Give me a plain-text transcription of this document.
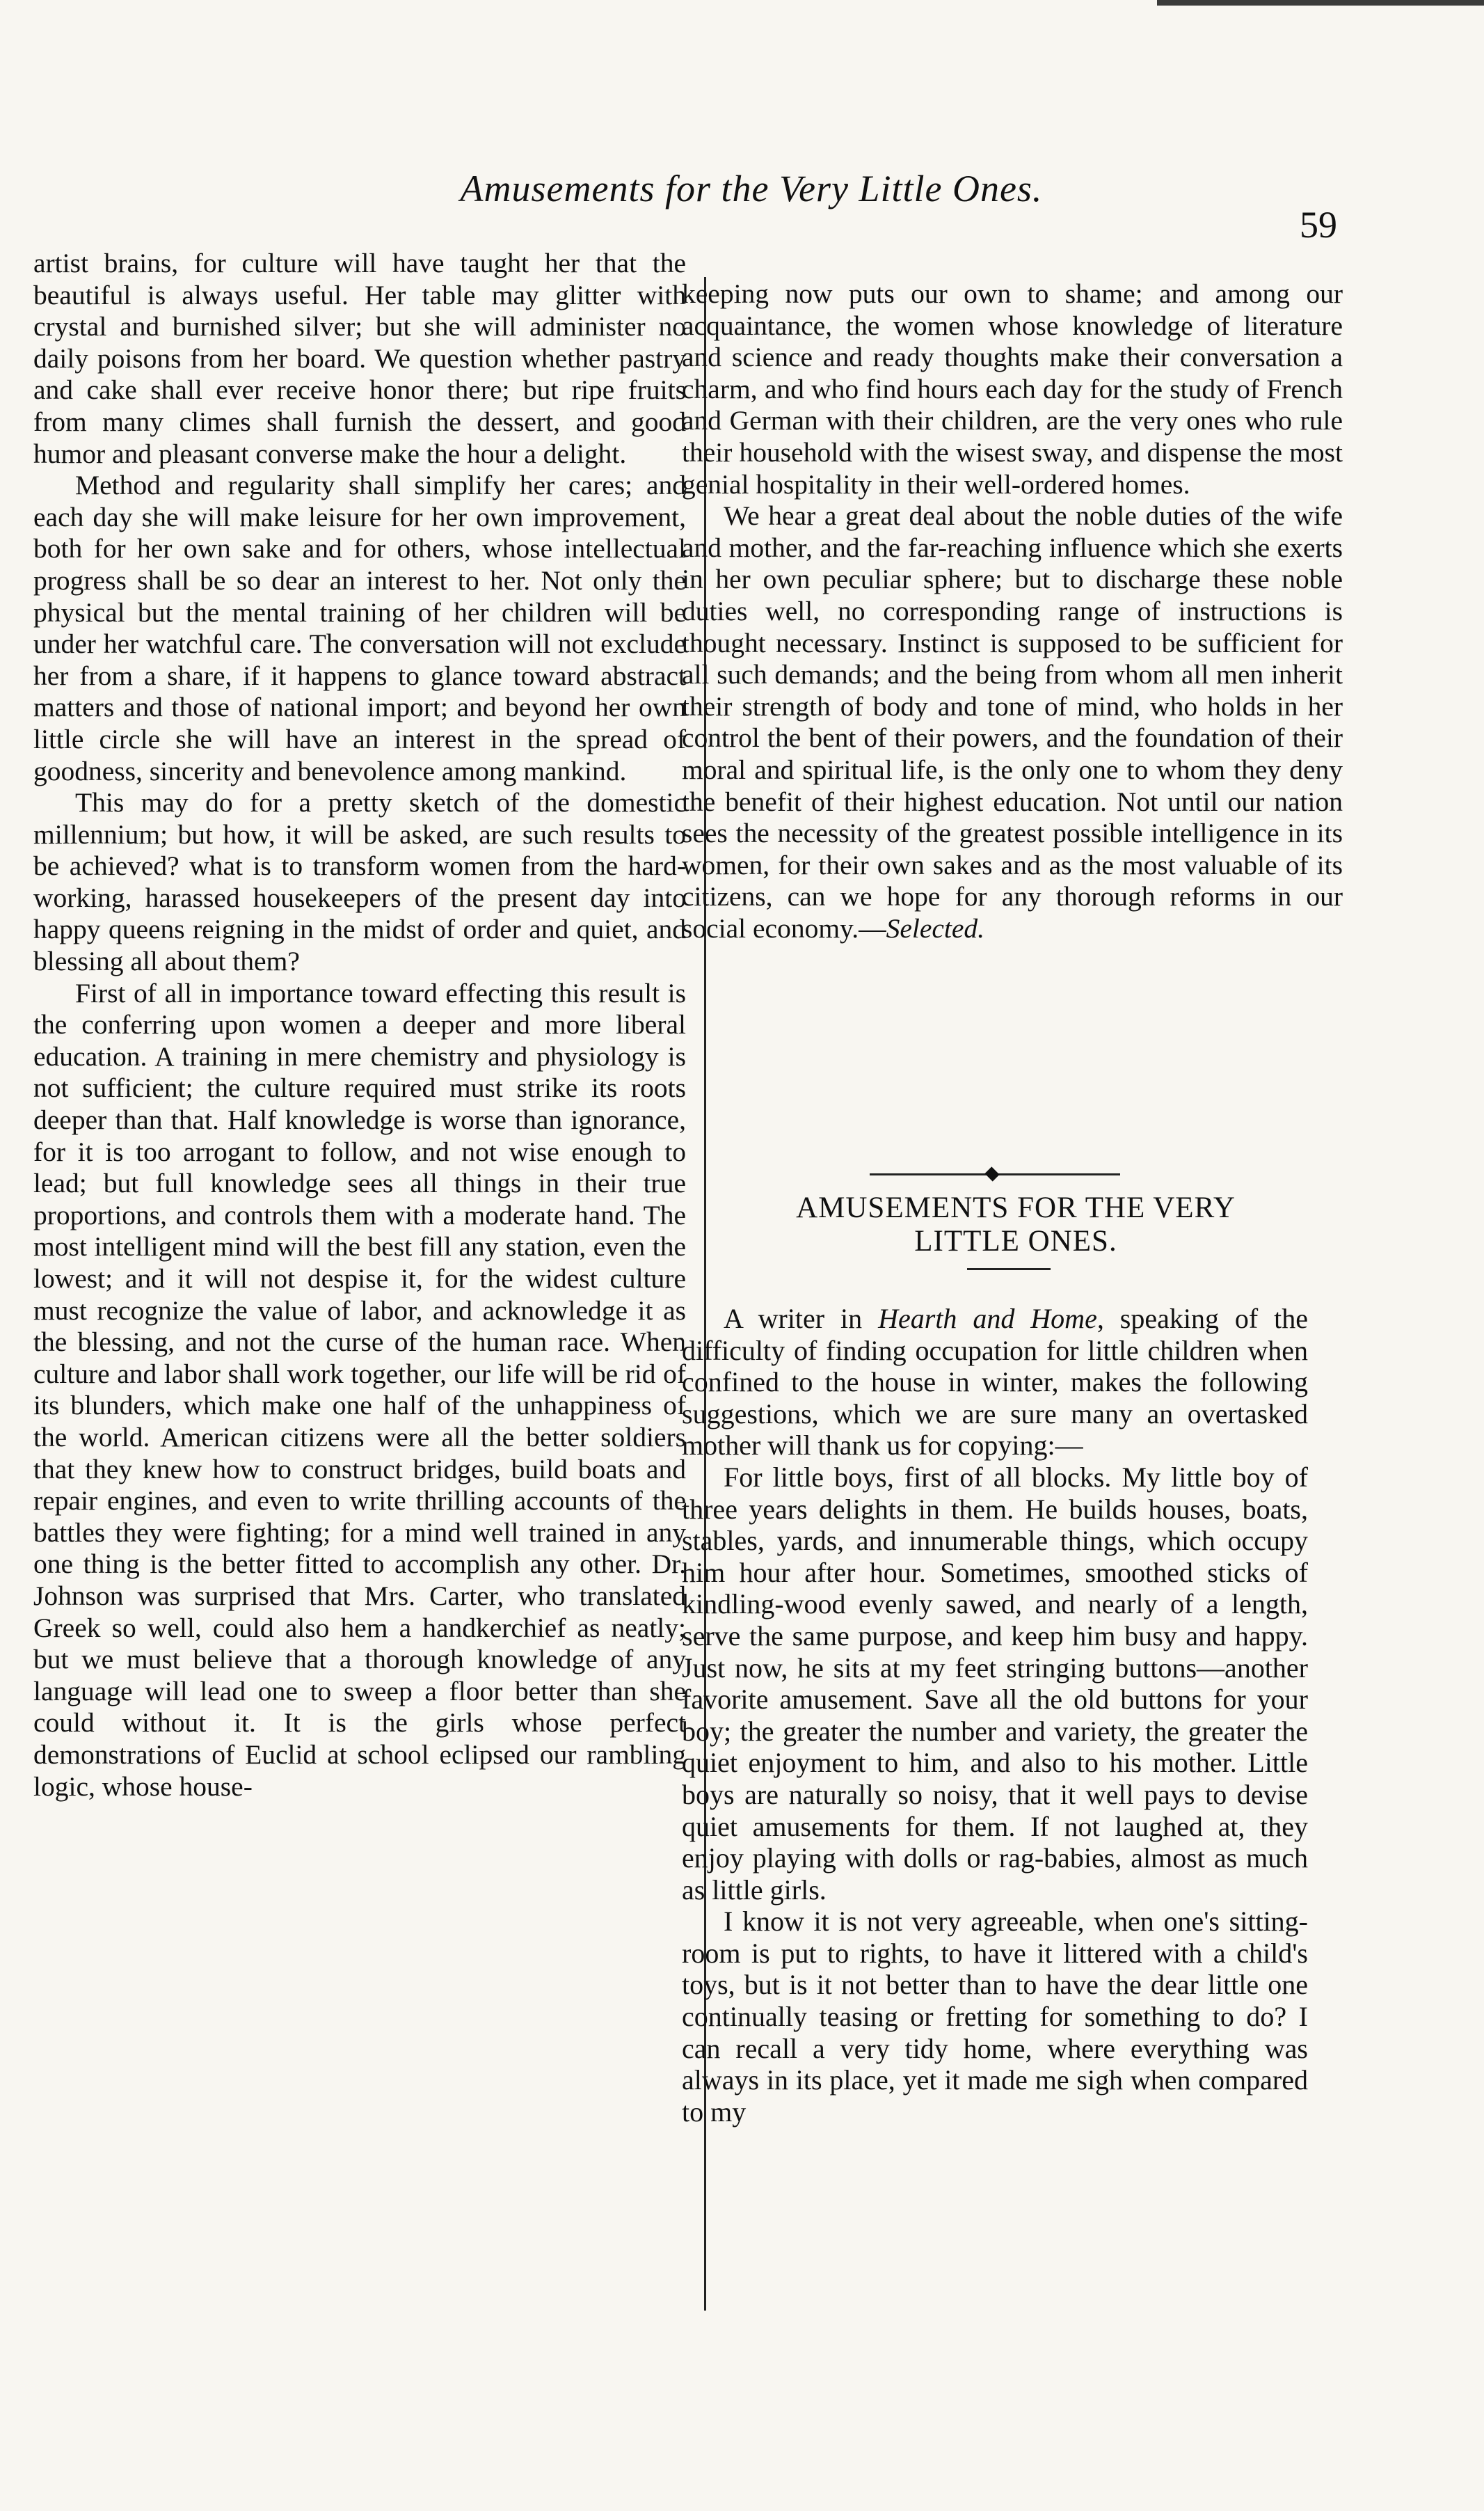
Amusements for the Very Little Ones.
59

artist brains, for culture will have taught her that the beautiful is always useful. Her table may glitter with crystal and burnished silver; but she will administer no daily poisons from her board. We question whether pastry and cake shall ever receive honor there; but ripe fruits from many climes shall furnish the dessert, and good humor and pleasant converse make the hour a delight.

Method and regularity shall simplify her cares; and each day she will make leisure for her own improvement, both for her own sake and for others, whose intellectual progress shall be so dear an interest to her. Not only the physical but the mental training of her children will be under her watchful care. The conversation will not exclude her from a share, if it happens to glance toward abstract matters and those of national import; and beyond her own little circle she will have an interest in the spread of goodness, sincerity and benevolence among mankind.

This may do for a pretty sketch of the domestic millennium; but how, it will be asked, are such results to be achieved? what is to transform women from the hard-working, harassed housekeepers of the present day into happy queens reigning in the midst of order and quiet, and blessing all about them?

First of all in importance toward effecting this result is the conferring upon women a deeper and more liberal education. A training in mere chemistry and physiology is not sufficient; the culture required must strike its roots deeper than that. Half knowledge is worse than ignorance, for it is too arrogant to follow, and not wise enough to lead; but full knowledge sees all things in their true proportions, and controls them with a moderate hand. The most intelligent mind will the best fill any station, even the lowest; and it will not despise it, for the widest culture must recognize the value of labor, and acknowledge it as the blessing, and not the curse of the human race. When culture and labor shall work together, our life will be rid of its blunders, which make one half of the unhappiness of the world. American citizens were all the better soldiers that they knew how to construct bridges, build boats and repair engines, and even to write thrilling accounts of the battles they were fighting; for a mind well trained in any one thing is the better fitted to accomplish any other. Dr. Johnson was surprised that Mrs. Carter, who translated Greek so well, could also hem a handkerchief as neatly; but we must believe that a thorough knowledge of any language will lead one to sweep a floor better than she could without it. It is the girls whose perfect demonstrations of Euclid at school eclipsed our rambling logic, whose house-

keeping now puts our own to shame; and among our acquaintance, the women whose knowledge of literature and science and ready thoughts make their conversation a charm, and who find hours each day for the study of French and German with their children, are the very ones who rule their household with the wisest sway, and dispense the most genial hospitality in their well-ordered homes.

We hear a great deal about the noble duties of the wife and mother, and the far-reaching influence which she exerts in her own peculiar sphere; but to discharge these noble duties well, no corresponding range of instructions is thought necessary. Instinct is supposed to be sufficient for all such demands; and the being from whom all men inherit their strength of body and tone of mind, who holds in her control the bent of their powers, and the foundation of their moral and spiritual life, is the only one to whom they deny the benefit of their highest education. Not until our nation sees the necessity of the greatest possible intelligence in its women, for their own sakes and as the most valuable of its citizens, can we hope for any thorough reforms in our social economy.—Selected.

AMUSEMENTS FOR THE VERY
LITTLE ONES.

A writer in Hearth and Home, speaking of the difficulty of finding occupation for little children when confined to the house in winter, makes the following suggestions, which we are sure many an overtasked mother will thank us for copying:—

For little boys, first of all blocks. My little boy of three years delights in them. He builds houses, boats, stables, yards, and innumerable things, which occupy him hour after hour. Sometimes, smoothed sticks of kindling-wood evenly sawed, and nearly of a length, serve the same purpose, and keep him busy and happy. Just now, he sits at my feet stringing buttons—another favorite amusement. Save all the old buttons for your boy; the greater the number and variety, the greater the quiet enjoyment to him, and also to his mother. Little boys are naturally so noisy, that it well pays to devise quiet amusements for them. If not laughed at, they enjoy playing with dolls or rag-babies, almost as much as little girls.

I know it is not very agreeable, when one's sitting-room is put to rights, to have it littered with a child's toys, but is it not better than to have the dear little one continually teasing or fretting for something to do? I can recall a very tidy home, where everything was always in its place, yet it made me sigh when compared to my
